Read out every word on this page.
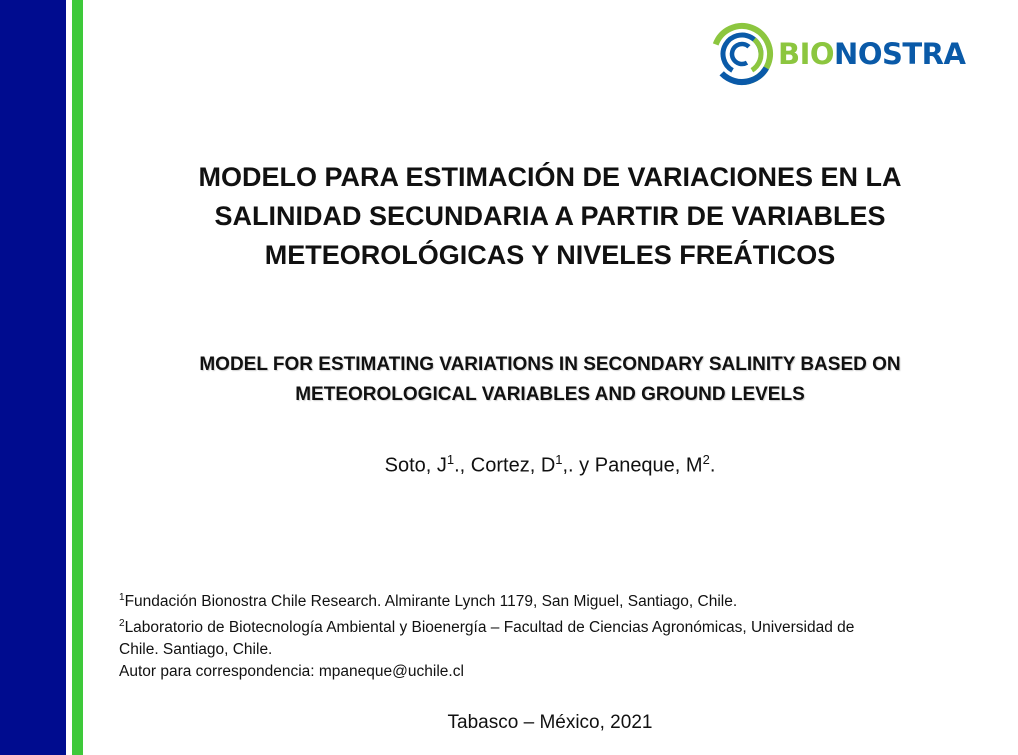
BIONOSTRA
MODELO PARA ESTIMACIÓN DE VARIACIONES EN LA
SALINIDAD SECUNDARIA A PARTIR DE VARIABLES
METEOROLÓGICAS Y NIVELES FREÁTICOS
MODEL FOR ESTIMATING VARIATIONS IN SECONDARY SALINITY BASED ON
METEOROLOGICAL VARIABLES AND GROUND LEVELS
Soto, $J^1$., Cortez, $D^1$,. y Paneque, $M^2$.
$^1$Fundación Bionostra Chile Research. Almirante Lynch 1179, San Miguel, Santiago, Chile.
$^2$Laboratorio de Biotecnología Ambiental y Bioenergía – Facultad de Ciencias Agronómicas, Universidad de
Chile. Santiago, Chile.
Autor para correspondencia: mpaneque@uchile.cl
Tabasco – México, 2021
